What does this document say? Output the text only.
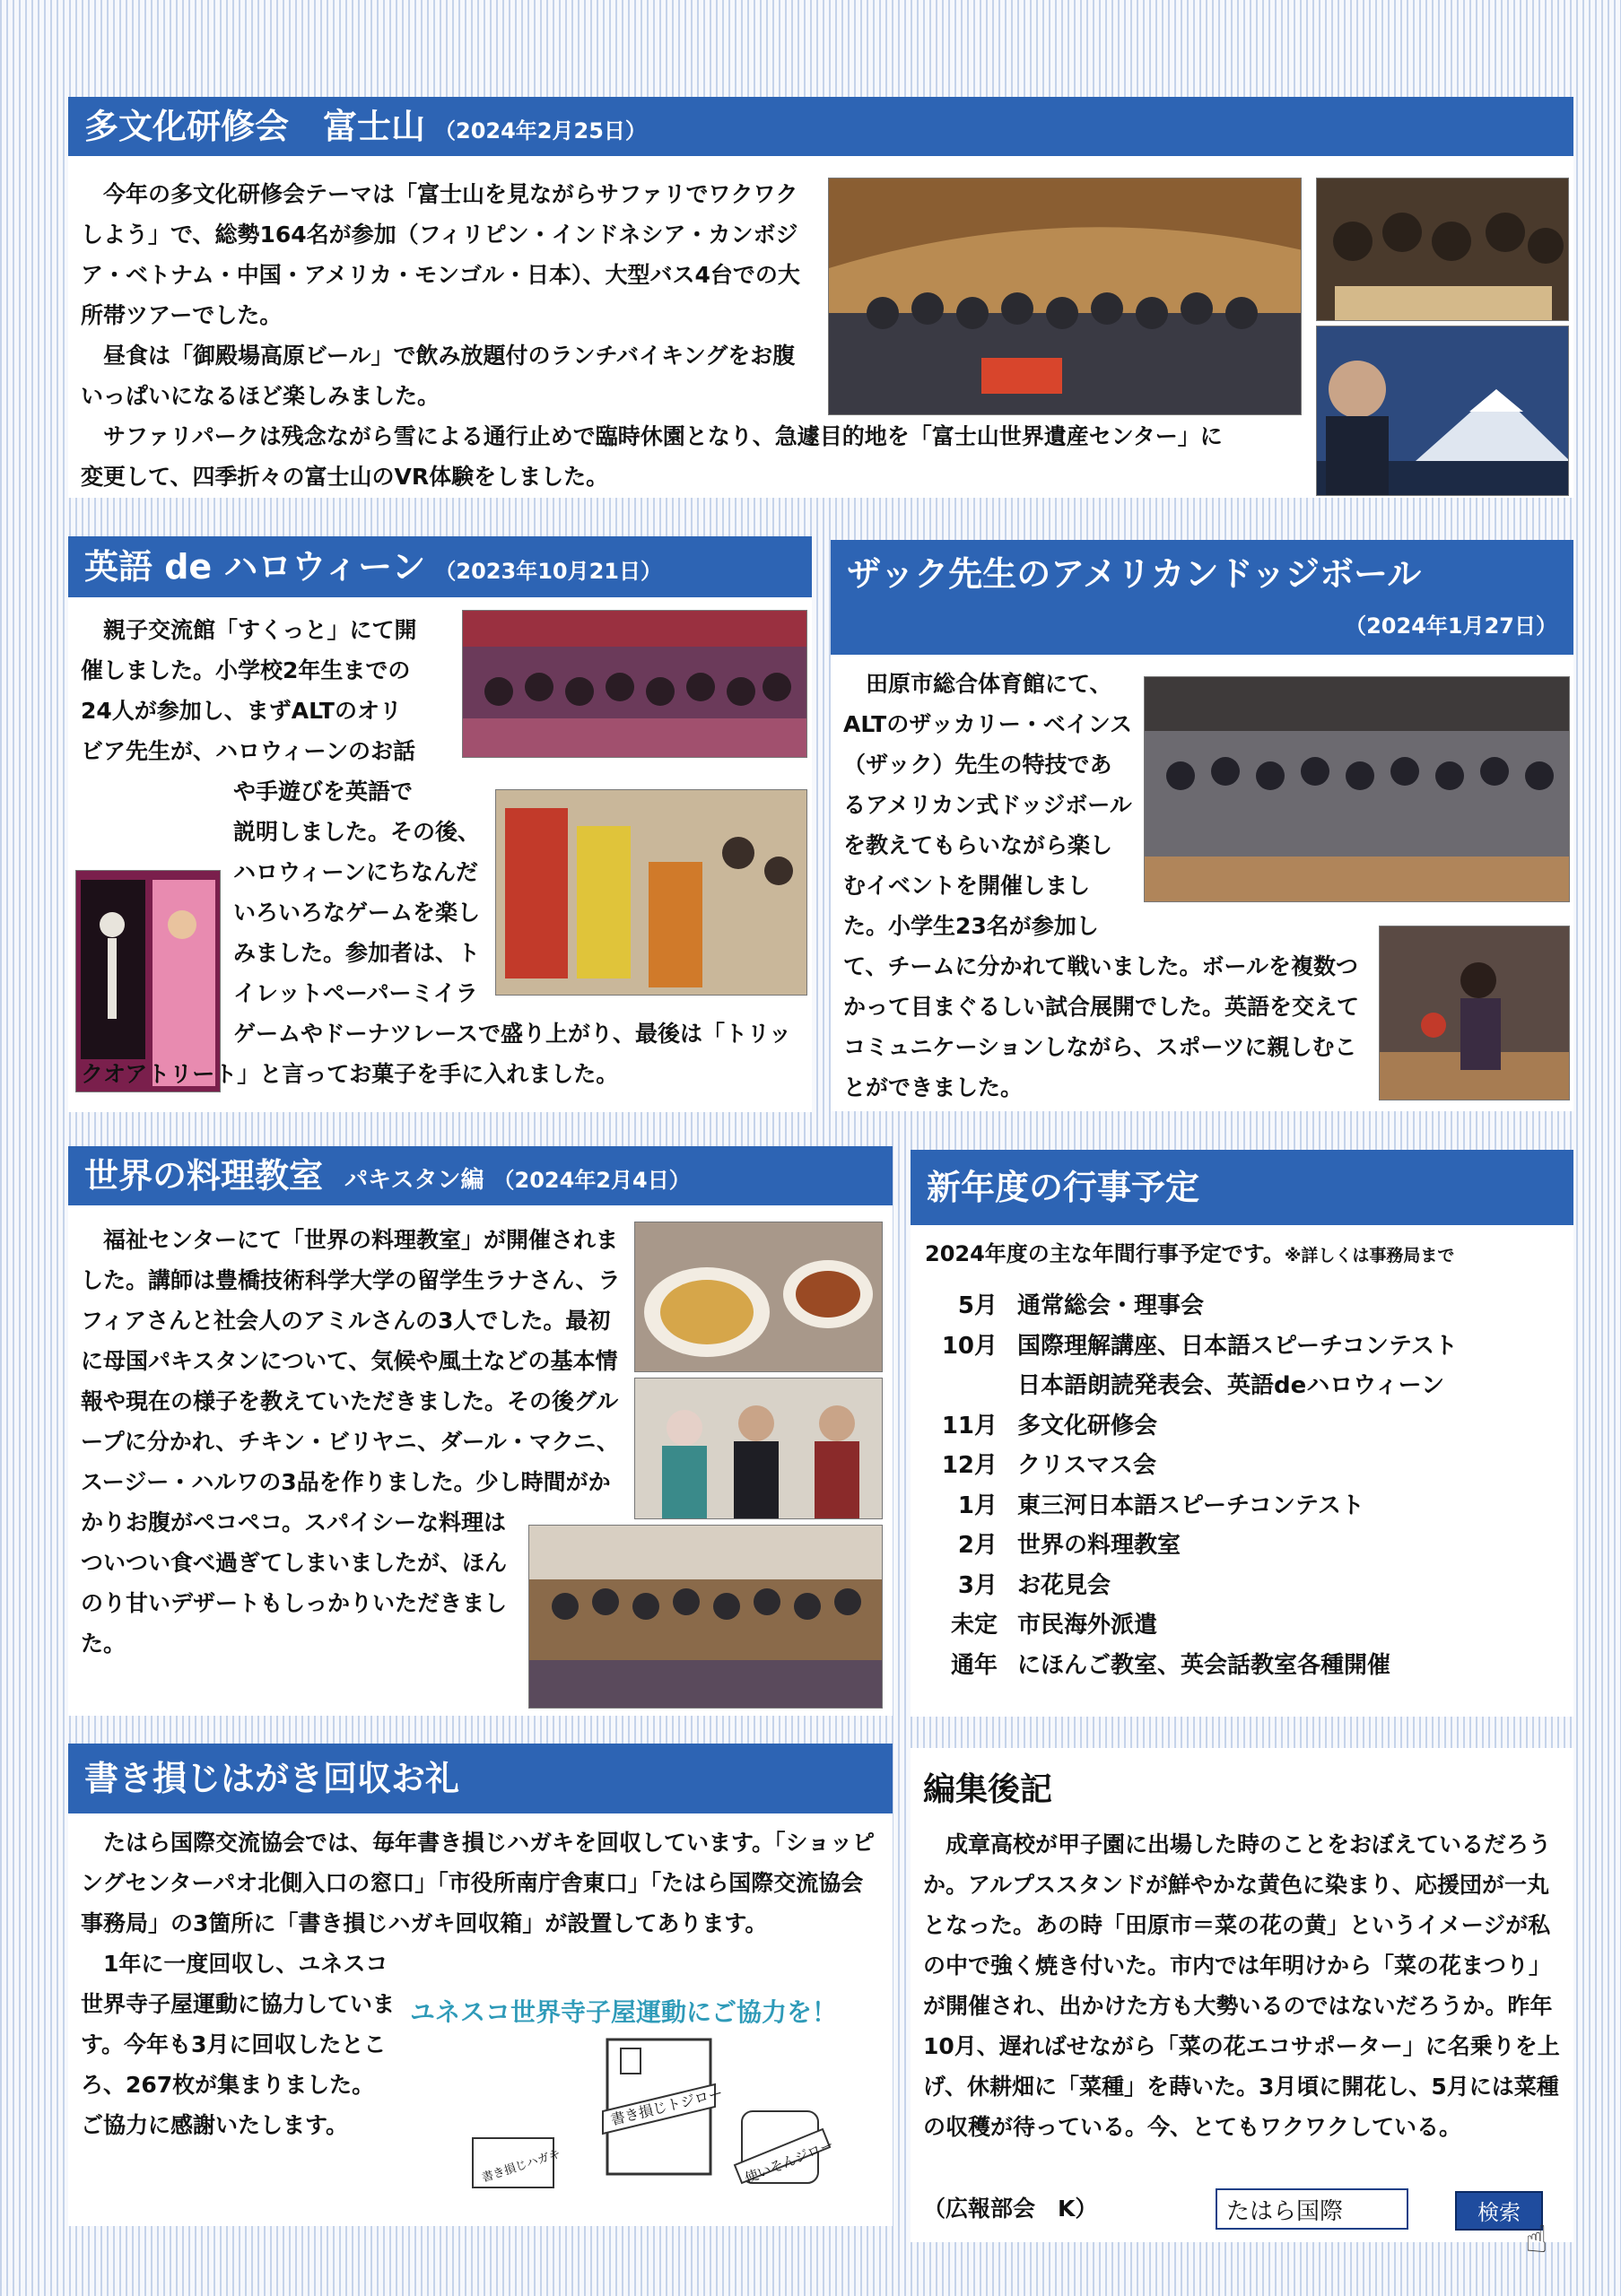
多文化研修会　富士山 （2024年2月25日）

今年の多文化研修会テーマは「富士山を見ながらサファリでワクワクしよう」で、総勢164名が参加（フィリピン・インドネシア・カンボジア・ベトナム・中国・アメリカ・モンゴル・日本）、大型バス4台での大所帯ツアーでした。

昼食は「御殿場高原ビール」で飲み放題付のランチバイキングをお腹いっぱいになるほど楽しみました。

サファリパークは残念ながら雪による通行止めで臨時休園となり、急遽目的地を「富士山世界遺産センター」に変更して、四季折々の富士山のVR体験をしました。

英語 de ハロウィーン （2023年10月21日）

親子交流館「すくっと」にて開催しました。小学校2年生までの24人が参加し、まずALTのオリビア先生が、ハロウィーンのお話や手遊びを英語で説明しました。その後、ハロウィーンにちなんだいろいろなゲームを楽しみました。参加者は、トイレットペーパーミイラゲームやドーナツレースで盛り上がり、最後は「トリックオアトリート」と言ってお菓子を手に入れました。

ザック先生のアメリカンドッジボール
（2024年1月27日）

田原市総合体育館にて、ALTのザッカリー・ベインス（ザック）先生の特技であるアメリカン式ドッジボールを教えてもらいながら楽しむイベントを開催しました。小学生23名が参加して、チームに分かれて戦いました。ボールを複数つかって目まぐるしい試合展開でした。英語を交えてコミュニケーションしながら、スポーツに親しむことができました。

世界の料理教室 パキスタン編 （2024年2月4日）

福祉センターにて「世界の料理教室」が開催されました。講師は豊橋技術科学大学の留学生ラナさん、ラフィアさんと社会人のアミルさんの3人でした。最初に母国パキスタンについて、気候や風土などの基本情報や現在の様子を教えていただきました。その後グループに分かれ、チキン・ビリヤニ、ダール・マクニ、スージー・ハルワの3品を作りました。少し時間がかかりお腹がペコペコ。スパイシーな料理はついつい食べ過ぎてしまいましたが、ほんのり甘いデザートもしっかりいただきました。

新年度の行事予定
2024年度の主な年間行事予定です。※詳しくは事務局まで
5月 通常総会・理事会
10月 国際理解講座、日本語スピーチコンテスト
日本語朗読発表会、英語deハロウィーン
11月 多文化研修会
12月 クリスマス会
1月 東三河日本語スピーチコンテスト
2月 世界の料理教室
3月 お花見会
未定 市民海外派遣
通年 にほんご教室、英会話教室各種開催
書き損じはがき回収お礼

たはら国際交流協会では、毎年書き損じハガキを回収しています。「ショッピングセンターパオ北側入口の窓口」「市役所南庁舎東口」「たはら国際交流協会事務局」の3箇所に「書き損じハガキ回収箱」が設置してあります。

1年に一度回収し、ユネスコ世界寺子屋運動に協力しています。今年も3月に回収したところ、267枚が集まりました。ご協力に感謝いたします。

ユネスコ世界寺子屋運動にご協力を！
書き損じハガキ
書き損じトジロー
使いそんジロー
編集後記

成章高校が甲子園に出場した時のことをおぼえているだろうか。アルプススタンドが鮮やかな黄色に染まり、応援団が一丸となった。あの時「田原市＝菜の花の黄」というイメージが私の中で強く焼き付いた。市内では年明けから「菜の花まつり」が開催され、出かけた方も大勢いるのではないだろうか。昨年10月、遅ればせながら「菜の花エコサポーター」に名乗りを上げ、休耕畑に「菜種」を蒔いた。3月頃に開花し、5月には菜種の収穫が待っている。今、とてもワクワクしている。

（広報部会　K）	たはら国際	検索
☝
